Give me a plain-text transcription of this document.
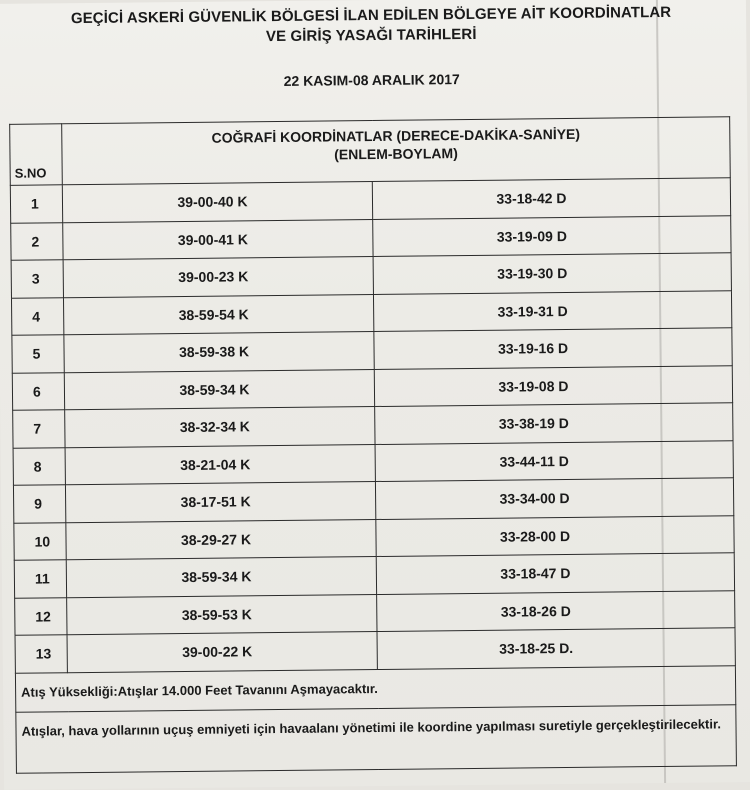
GEÇİCİ ASKERİ GÜVENLİK BÖLGESİ İLAN EDİLEN BÖLGEYE AİT KOORDİNATLAR
VE GİRİŞ YASAĞI TARİHLERİ
22 KASIM-08 ARALIK 2017
S.NO	COĞRAFİ KOORDİNATLAR (DERECE-DAKİKA-SANİYE)
(ENLEM-BOYLAM)	

1	39-00-40 K	33-18-42 D
2	39-00-41 K	33-19-09 D
3	39-00-23 K	33-19-30 D
4	38-59-54 K	33-19-31 D
5	38-59-38 K	33-19-16 D
6	38-59-34 K	33-19-08 D
7	38-32-34 K	33-38-19 D
8	38-21-04 K	33-44-11 D
9	38-17-51 K	33-34-00 D
10	38-29-27 K	33-28-00 D
11	38-59-34 K	33-18-47 D
12	38-59-53 K	33-18-26 D
13	39-00-22 K	33-18-25 D.
Atış Yüksekliği:Atışlar 14.000 Feet Tavanını Aşmayacaktır.		
Atışlar, hava yollarının uçuş emniyeti için havaalanı yönetimi ile koordine yapılması suretiyle gerçekleştirilecektir.		
